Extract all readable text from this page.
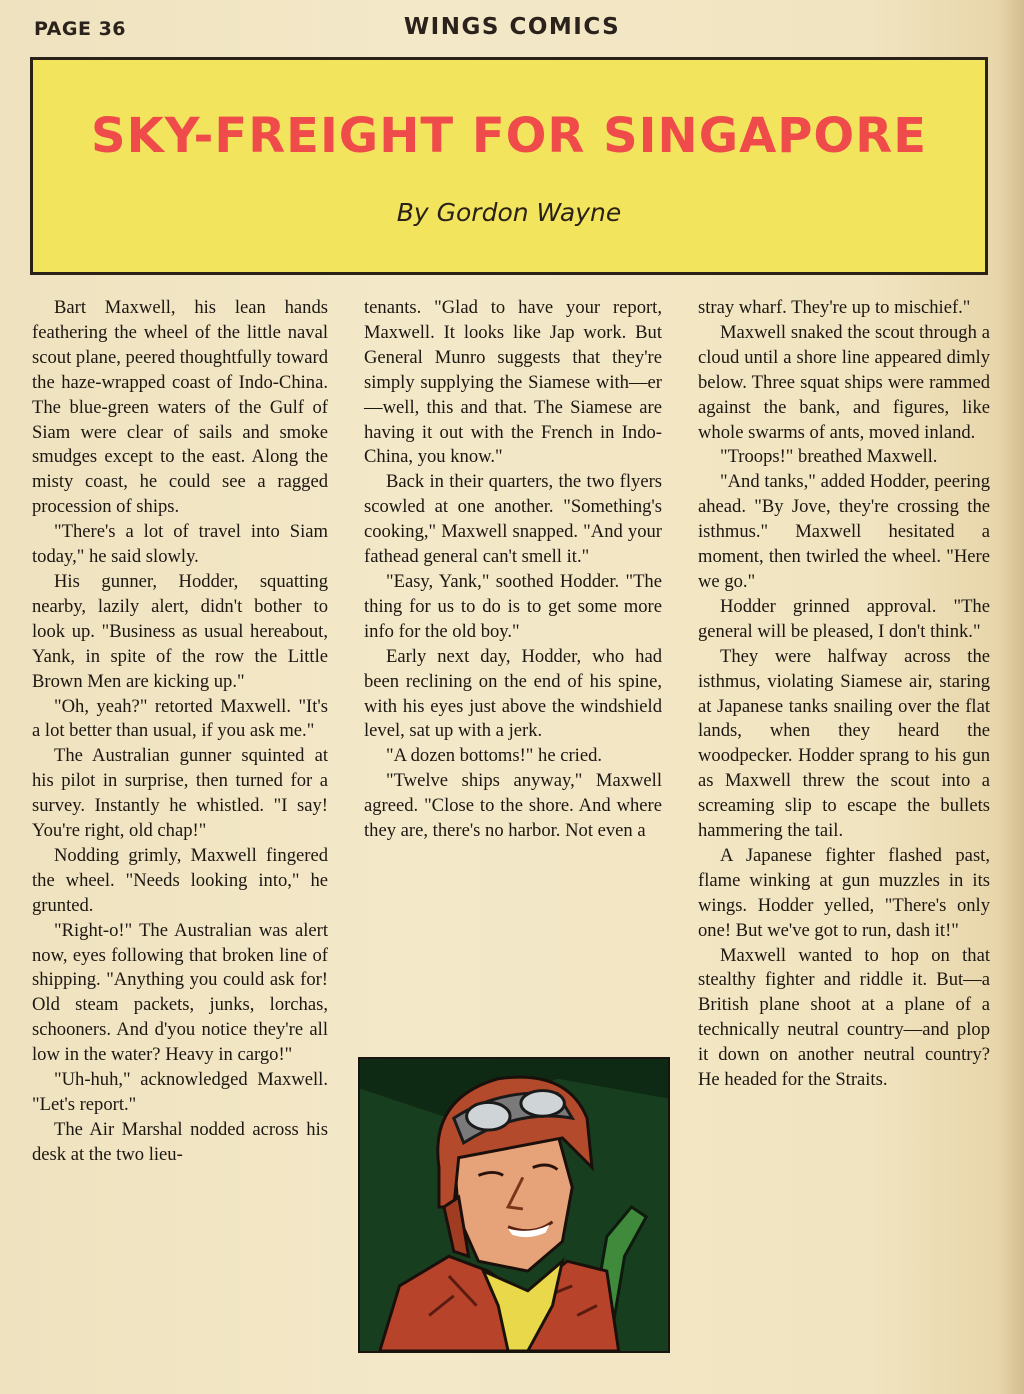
PAGE 36	WINGS COMICS
SKY-FREIGHT FOR SINGAPORE
By Gordon Wayne

Bart Maxwell, his lean hands feathering the wheel of the little naval scout plane, peered thoughtfully toward the haze-wrapped coast of Indo-China. The blue-green waters of the Gulf of Siam were clear of sails and smoke smudges except to the east. Along the misty coast, he could see a ragged procession of ships.

"There's a lot of travel into Siam today," he said slowly.

His gunner, Hodder, squatting nearby, lazily alert, didn't bother to look up. "Business as usual hereabout, Yank, in spite of the row the Little Brown Men are kicking up."

"Oh, yeah?" retorted Maxwell. "It's a lot better than usual, if you ask me."

The Australian gunner squinted at his pilot in surprise, then turned for a survey. Instantly he whistled. "I say! You're right, old chap!"

Nodding grimly, Maxwell fingered the wheel. "Needs looking into," he grunted.

"Right-o!" The Australian was alert now, eyes following that broken line of shipping. "Anything you could ask for! Old steam packets, junks, lorchas, schooners. And d'you notice they're all low in the water? Heavy in cargo!"

"Uh-huh," acknowledged Maxwell. "Let's report."

The Air Marshal nodded across his desk at the two lieu-

tenants. "Glad to have your report, Maxwell. It looks like Jap work. But General Munro suggests that they're simply supplying the Siamese with—er—well, this and that. The Siamese are having it out with the French in Indo-China, you know."

Back in their quarters, the two flyers scowled at one another. "Something's cooking," Maxwell snapped. "And your fathead general can't smell it."

"Easy, Yank," soothed Hodder. "The thing for us to do is to get some more info for the old boy."

Early next day, Hodder, who had been reclining on the end of his spine, with his eyes just above the windshield level, sat up with a jerk.

"A dozen bottoms!" he cried.

"Twelve ships anyway," Maxwell agreed. "Close to the shore. And where they are, there's no harbor. Not even a

stray wharf. They're up to mischief."

Maxwell snaked the scout through a cloud until a shore line appeared dimly below. Three squat ships were rammed against the bank, and figures, like whole swarms of ants, moved inland.

"Troops!" breathed Maxwell.

"And tanks," added Hodder, peering ahead. "By Jove, they're crossing the isthmus." Maxwell hesitated a moment, then twirled the wheel. "Here we go."

Hodder grinned approval. "The general will be pleased, I don't think."

They were halfway across the isthmus, violating Siamese air, staring at Japanese tanks snailing over the flat lands, when they heard the woodpecker. Hodder sprang to his gun as Maxwell threw the scout into a screaming slip to escape the bullets hammering the tail.

A Japanese fighter flashed past, flame winking at gun muzzles in its wings. Hodder yelled, "There's only one! But we've got to run, dash it!"

Maxwell wanted to hop on that stealthy fighter and riddle it. But—a British plane shoot at a plane of a technically neutral country—and plop it down on another neutral country? He headed for the Straits.
